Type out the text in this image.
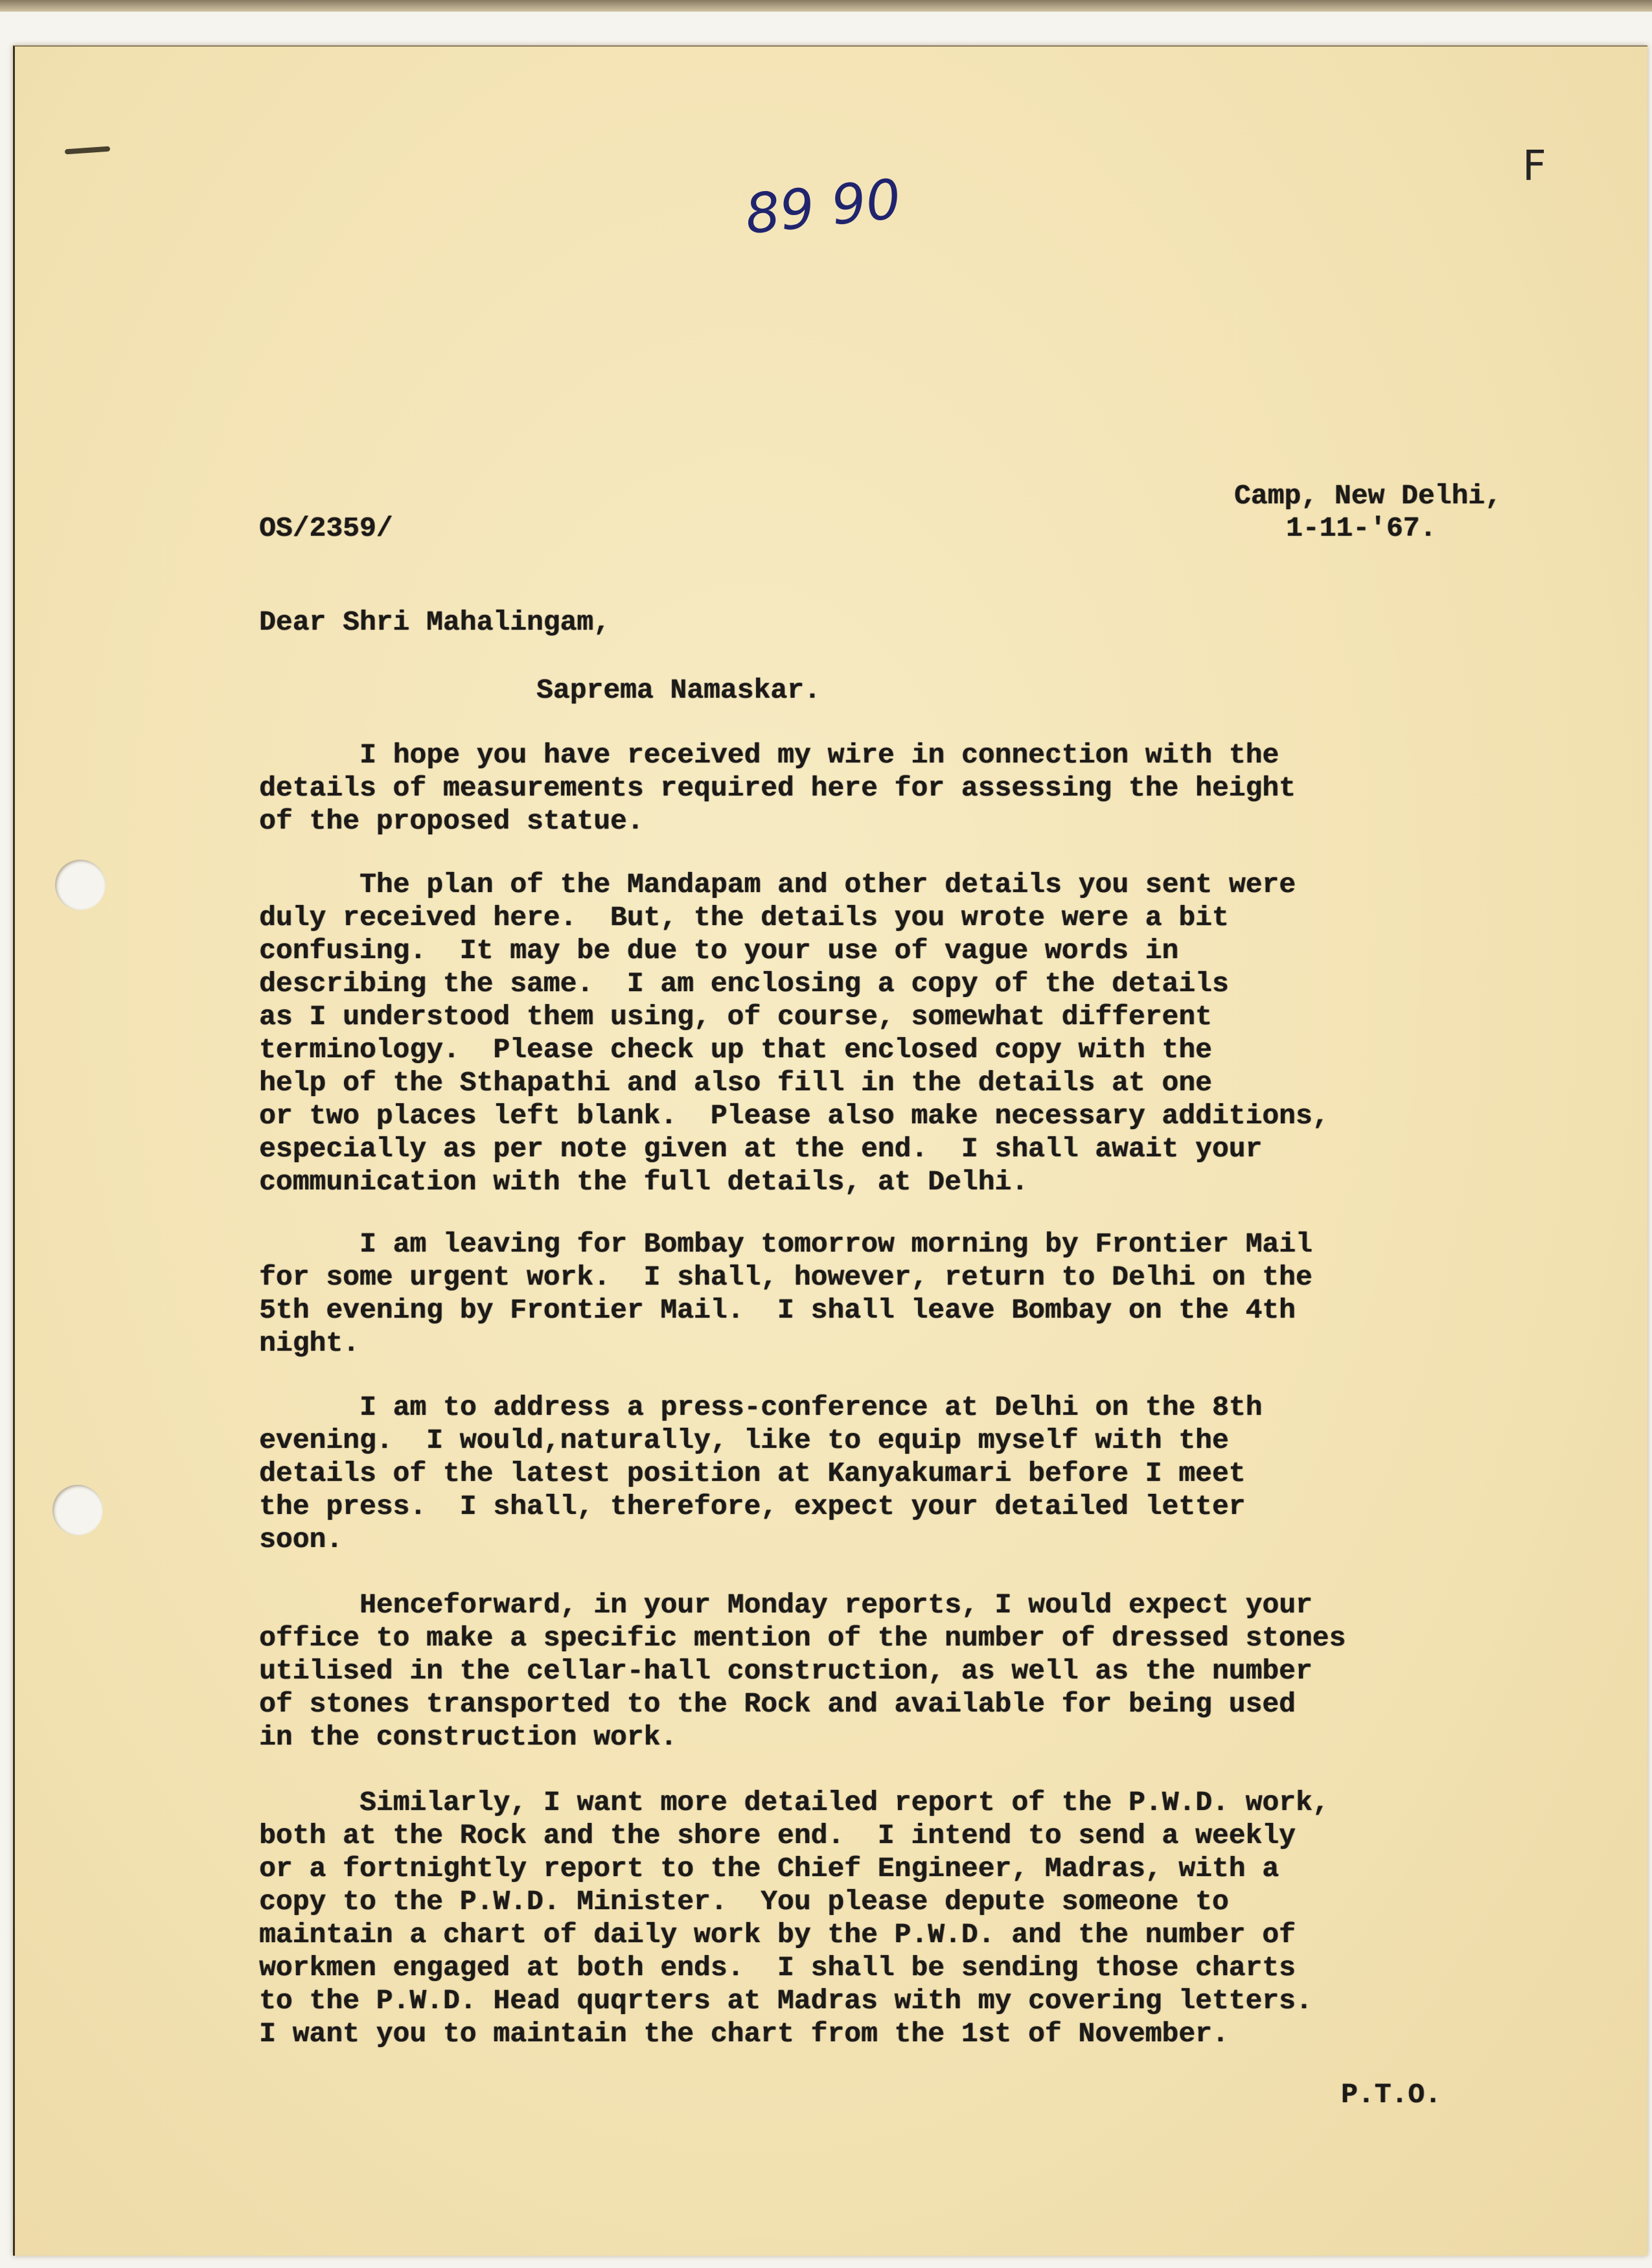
89 90
F
OS/2359/
Camp, New Delhi,
1-11-'67.
Dear Shri Mahalingam,
Saprema Namaskar.
I hope you have received my wire in connection with the
details of measurements required here for assessing the height
of the proposed statue.
The plan of the Mandapam and other details you sent were
duly received here.  But, the details you wrote were a bit
confusing.  It may be due to your use of vague words in
describing the same.  I am enclosing a copy of the details
as I understood them using, of course, somewhat different
terminology.  Please check up that enclosed copy with the
help of the Sthapathi and also fill in the details at one
or two places left blank.  Please also make necessary additions,
especially as per note given at the end.  I shall await your
communication with the full details, at Delhi.
I am leaving for Bombay tomorrow morning by Frontier Mail
for some urgent work.  I shall, however, return to Delhi on the
5th evening by Frontier Mail.  I shall leave Bombay on the 4th
night.
I am to address a press-conference at Delhi on the 8th
evening.  I would,naturally, like to equip myself with the
details of the latest position at Kanyakumari before I meet
the press.  I shall, therefore, expect your detailed letter
soon.
Henceforward, in your Monday reports, I would expect your
office to make a specific mention of the number of dressed stones
utilised in the cellar-hall construction, as well as the number
of stones transported to the Rock and available for being used
in the construction work.
Similarly, I want more detailed report of the P.W.D. work,
both at the Rock and the shore end.  I intend to send a weekly
or a fortnightly report to the Chief Engineer, Madras, with a
copy to the P.W.D. Minister.  You please depute someone to
maintain a chart of daily work by the P.W.D. and the number of
workmen engaged at both ends.  I shall be sending those charts
to the P.W.D. Head quqrters at Madras with my covering letters.
I want you to maintain the chart from the 1st of November.
P.T.O.
